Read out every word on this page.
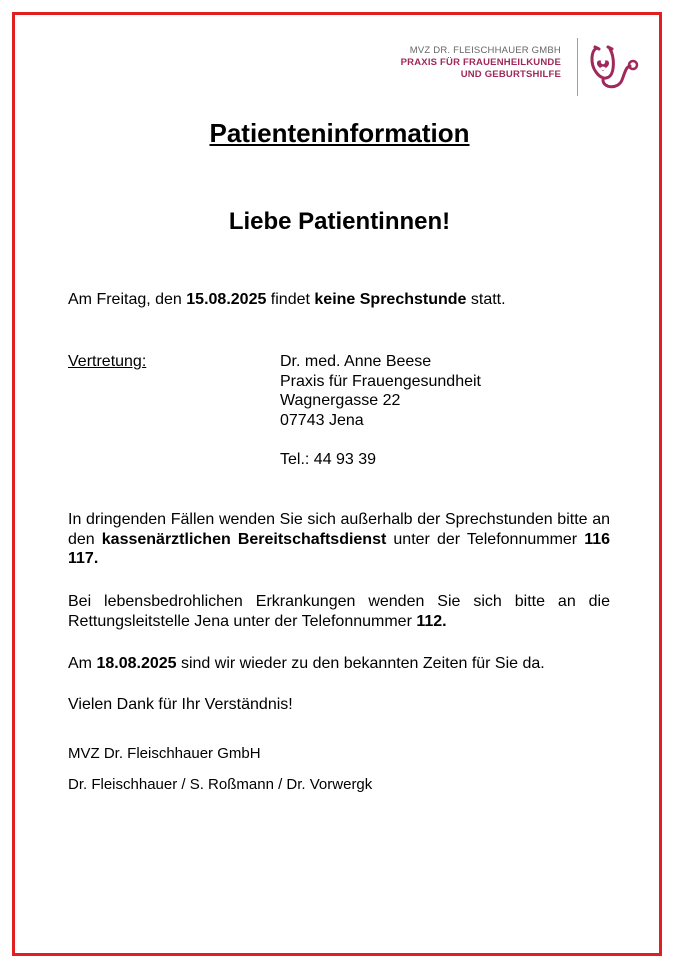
MVZ DR. FLEISCHHAUER GMBH
PRAXIS FÜR FRAUENHEILKUNDE
UND GEBURTSHILFE
Patienteninformation
Liebe Patientinnen!
Am Freitag, den 15.08.2025 findet keine Sprechstunde statt.
Vertretung:	Dr. med. Anne Beese
Praxis für Frauengesundheit
Wagnergasse 22
07743 Jena
Tel.: 44 93 39
In dringenden Fällen wenden Sie sich außerhalb der Sprechstunden bitte an den kassenärztlichen Bereitschaftsdienst unter der Telefonnummer 116 117.
Bei lebensbedrohlichen Erkrankungen wenden Sie sich bitte an die Rettungsleitstelle Jena unter der Telefonnummer 112.
Am 18.08.2025 sind wir wieder zu den bekannten Zeiten für Sie da.
Vielen Dank für Ihr Verständnis!
MVZ Dr. Fleischhauer GmbH
Dr. Fleischhauer / S. Roßmann / Dr. Vorwergk
